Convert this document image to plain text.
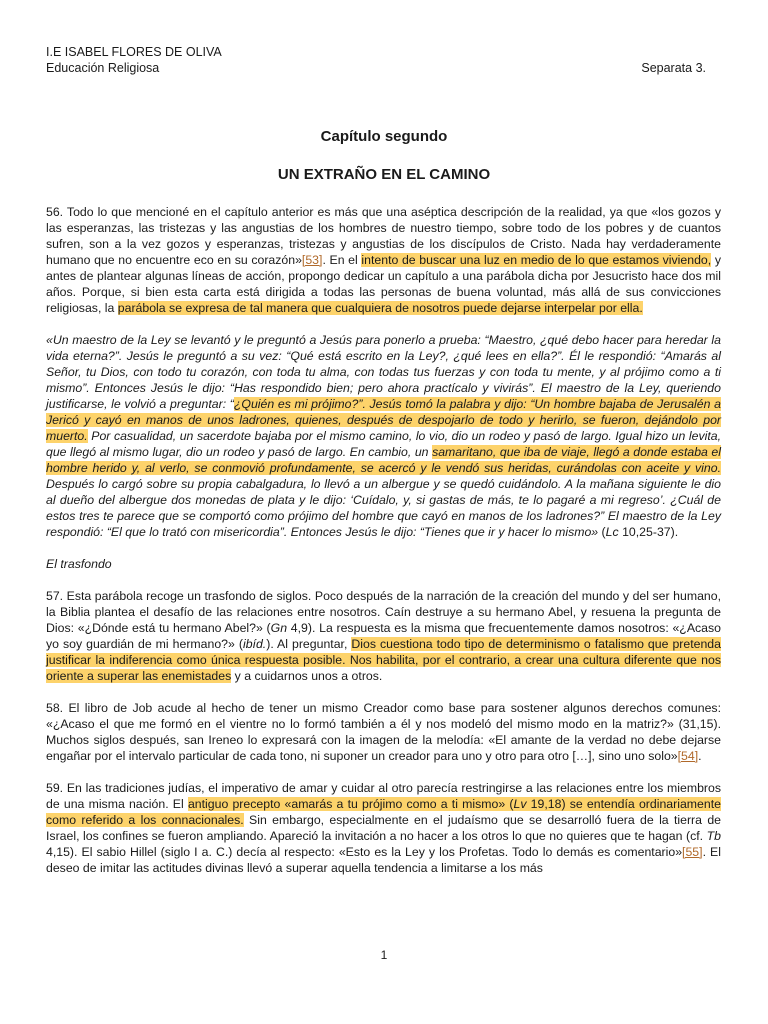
I.E ISABEL FLORES DE OLIVA
Educación Religiosa	Separata 3.
Capítulo segundo
UN EXTRAÑO EN EL CAMINO

56. Todo lo que mencioné en el capítulo anterior es más que una aséptica descripción de la realidad, ya que «los gozos y las esperanzas, las tristezas y las angustias de los hombres de nuestro tiempo, sobre todo de los pobres y de cuantos sufren, son a la vez gozos y esperanzas, tristezas y angustias de los discípulos de Cristo. Nada hay verdaderamente humano que no encuentre eco en su corazón»[53]. En el intento de buscar una luz en medio de lo que estamos viviendo, y antes de plantear algunas líneas de acción, propongo dedicar un capítulo a una parábola dicha por Jesucristo hace dos mil años. Porque, si bien esta carta está dirigida a todas las personas de buena voluntad, más allá de sus convicciones religiosas, la parábola se expresa de tal manera que cualquiera de nosotros puede dejarse interpelar por ella.

«Un maestro de la Ley se levantó y le preguntó a Jesús para ponerlo a prueba: “Maestro, ¿qué debo hacer para heredar la vida eterna?”. Jesús le preguntó a su vez: “Qué está escrito en la Ley?, ¿qué lees en ella?”. Él le respondió: “Amarás al Señor, tu Dios, con todo tu corazón, con toda tu alma, con todas tus fuerzas y con toda tu mente, y al prójimo como a ti mismo”. Entonces Jesús le dijo: “Has respondido bien; pero ahora practícalo y vivirás”. El maestro de la Ley, queriendo justificarse, le volvió a preguntar: “¿Quién es mi prójimo?”. Jesús tomó la palabra y dijo: “Un hombre bajaba de Jerusalén a Jericó y cayó en manos de unos ladrones, quienes, después de despojarlo de todo y herirlo, se fueron, dejándolo por muerto. Por casualidad, un sacerdote bajaba por el mismo camino, lo vio, dio un rodeo y pasó de largo. Igual hizo un levita, que llegó al mismo lugar, dio un rodeo y pasó de largo. En cambio, un samaritano, que iba de viaje, llegó a donde estaba el hombre herido y, al verlo, se conmovió profundamente, se acercó y le vendó sus heridas, curándolas con aceite y vino. Después lo cargó sobre su propia cabalgadura, lo llevó a un albergue y se quedó cuidándolo. A la mañana siguiente le dio al dueño del albergue dos monedas de plata y le dijo: ‘Cuídalo, y, si gastas de más, te lo pagaré a mi regreso’. ¿Cuál de estos tres te parece que se comportó como prójimo del hombre que cayó en manos de los ladrones?” El maestro de la Ley respondió: “El que lo trató con misericordia”. Entonces Jesús le dijo: “Tienes que ir y hacer lo mismo» (Lc 10,25-37).

El trasfondo

57. Esta parábola recoge un trasfondo de siglos. Poco después de la narración de la creación del mundo y del ser humano, la Biblia plantea el desafío de las relaciones entre nosotros. Caín destruye a su hermano Abel, y resuena la pregunta de Dios: «¿Dónde está tu hermano Abel?» (Gn 4,9). La respuesta es la misma que frecuentemente damos nosotros: «¿Acaso yo soy guardián de mi hermano?» (ibíd.). Al preguntar, Dios cuestiona todo tipo de determinismo o fatalismo que pretenda justificar la indiferencia como única respuesta posible. Nos habilita, por el contrario, a crear una cultura diferente que nos oriente a superar las enemistades y a cuidarnos unos a otros.

58. El libro de Job acude al hecho de tener un mismo Creador como base para sostener algunos derechos comunes: «¿Acaso el que me formó en el vientre no lo formó también a él y nos modeló del mismo modo en la matriz?» (31,15). Muchos siglos después, san Ireneo lo expresará con la imagen de la melodía: «El amante de la verdad no debe dejarse engañar por el intervalo particular de cada tono, ni suponer un creador para uno y otro para otro […], sino uno solo»[54].

59. En las tradiciones judías, el imperativo de amar y cuidar al otro parecía restringirse a las relaciones entre los miembros de una misma nación. El antiguo precepto «amarás a tu prójimo como a ti mismo» (Lv 19,18) se entendía ordinariamente como referido a los connacionales. Sin embargo, especialmente en el judaísmo que se desarrolló fuera de la tierra de Israel, los confines se fueron ampliando. Apareció la invitación a no hacer a los otros lo que no quieres que te hagan (cf. Tb 4,15). El sabio Hillel (siglo I a. C.) decía al respecto: «Esto es la Ley y los Profetas. Todo lo demás es comentario»[55]. El deseo de imitar las actitudes divinas llevó a superar aquella tendencia a limitarse a los más

1
